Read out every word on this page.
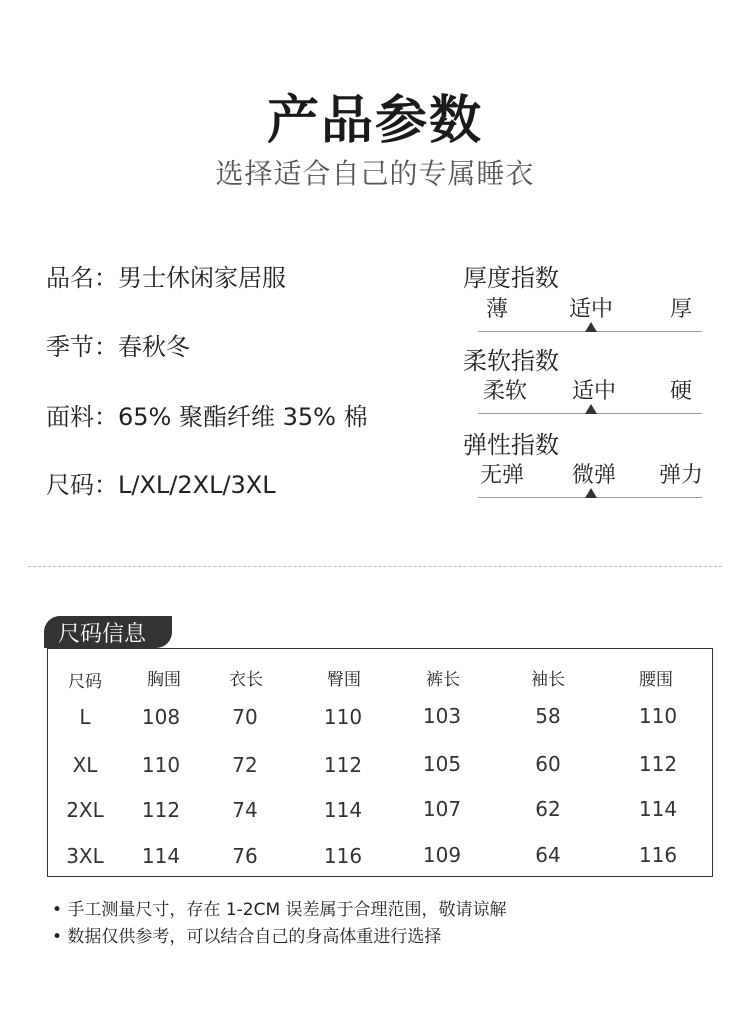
产品参数
选择适合自己的专属睡衣
品名：男士休闲家居服
季节：春秋冬
面料：65% 聚酯纤维 35% 棉
尺码：L/XL/2XL/3XL
厚度指数
薄	适中	厚
柔软指数
柔软 适中 硬
弹性指数
无弹 微弹 弹力
尺码信息
尺码	胸围	衣长	臀围	裤长	袖长	腰围
L	108	70	110	103	58	110
XL 110	72	112	105	60	112
2XL 112	74	114	107	62	114
3XL 114	76	116	109	64	116
• 手工测量尺寸，存在 1-2CM 误差属于合理范围，敬请谅解
• 数据仅供参考，可以结合自己的身高体重进行选择
